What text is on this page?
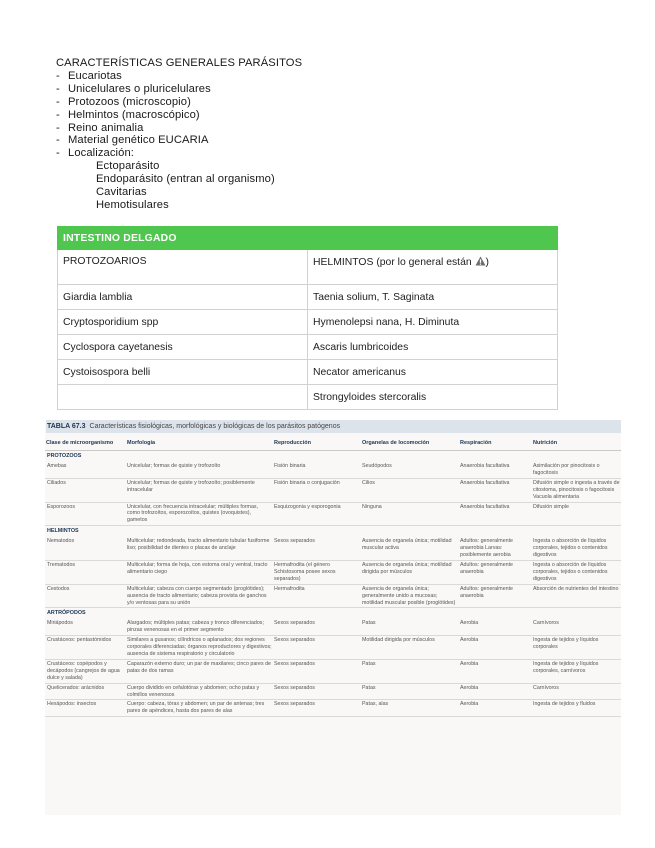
CARACTERÍSTICAS GENERALES PARÁSITOS
- Eucariotas
- Unicelulares o pluricelulares
- Protozoos (microscopio)
- Helmintos (macroscópico)
- Reino animalia
- Material genético EUCARIA
- Localización:
Ectoparásito
Endoparásito (entran al organismo)
Cavitarias
Hemotisulares
INTESTINO DELGADO	
PROTOZOARIOS	HELMINTOS (por lo general están )
Giardia lamblia	Taenia solium, T. Saginata
Cryptosporidium spp	Hymenolepsi nana, H. Diminuta
Cyclospora cayetanesis	Ascaris lumbricoides
Cystoisospora belli	Necator americanus
	Strongyloides stercoralis
TABLA 67.3 Características fisiológicas, morfológicas y biológicas de los parásitos patógenos
Clase de microorganismo	Morfología	Reproducción	Organelas de locomoción	Respiración	Nutrición
PROTOZOOS					
Amebas	Unicelular; formas de quiste y trofozoíto	Fisión binaria	Seudópodos	Anaerobia facultativa	Asimilación por pinocitosis o fagocitosis
Ciliados	Unicelular; formas de quiste y trofozoíto; posiblemente intracelular	Fisión binaria o conjugación	Cilios	Anaerobia facultativa	Difusión simple o ingesta a través de citostoma, pinocitosis o fagocitosis Vacuola alimentaria
Esporozoos	Unicelular, con frecuencia intracelular; múltiples formas, como trofozoítos, esporozoítos, quistes (ovoquistes), gametos	Esquizogonia y esporogonia	Ninguna	Anaerobia facultativa	Difusión simple
HELMINTOS					
Nematodos	Multicelular; redondeada, tracto alimentario tubular fusiforme liso; posibilidad de dientes o placas de anclaje	Sexos separados	Ausencia de organela única; motilidad muscular activa	Adultos: generalmente anaerobia Larvas: posiblemente aerobia	Ingesta o absorción de líquidos corporales, tejidos o contenidos digestivos
Trematodos	Multicelular; forma de hoja, con estoma oral y ventral, tracto alimentario ciego	Hermafrodita (el género Schistosoma posee sexos separados)	Ausencia de organela única; motilidad dirigida por músculos	Adultos: generalmente anaerobia	Ingesta o absorción de líquidos corporales, tejidos o contenidos digestivos
Cestodos	Multicelular; cabeza con cuerpo segmentado (proglótides); ausencia de tracto alimentario; cabeza provista de ganchos y/o ventosas para su unión	Hermafrodita	Ausencia de organela única; generalmente unido a mucosas; motilidad muscular posible (proglótides)	Adultos: generalmente anaerobia	Absorción de nutrientes del intestino
ARTRÓPODOS					
Miriápodos	Alargados; múltiples patas; cabeza y tronco diferenciados; pinzas venenosas en el primer segmento	Sexos separados	Patas	Aerobia	Carnívoros
Crustáceos: pentastómidos	Similares a gusanos; cilíndricos o aplanados; dos regiones corporales diferenciadas; órganos reproductores y digestivos; ausencia de sistema respiratorio y circulatorio	Sexos separados	Motilidad dirigida por músculos	Aerobia	Ingesta de tejidos y líquidos corporales
Crustáceos: copépodos y decápodos (cangrejos de agua dulce y salada)	Caparazón externo duro; un par de maxilares; cinco pares de patas de dos ramas	Sexos separados	Patas	Aerobia	Ingesta de tejidos y líquidos corporales, carnívoros
Quelicerados: arácnidos	Cuerpo dividido en cefalotórax y abdomen; ocho patas y colmillos venenosos	Sexos separados	Patas	Aerobia	Carnívoros
Hexápodos: insectos	Cuerpo: cabeza, tórax y abdomen; un par de antenas; tres pares de apéndices, hasta dos pares de alas	Sexos separados	Patas, alas	Aerobia	Ingesta de tejidos y fluidos
